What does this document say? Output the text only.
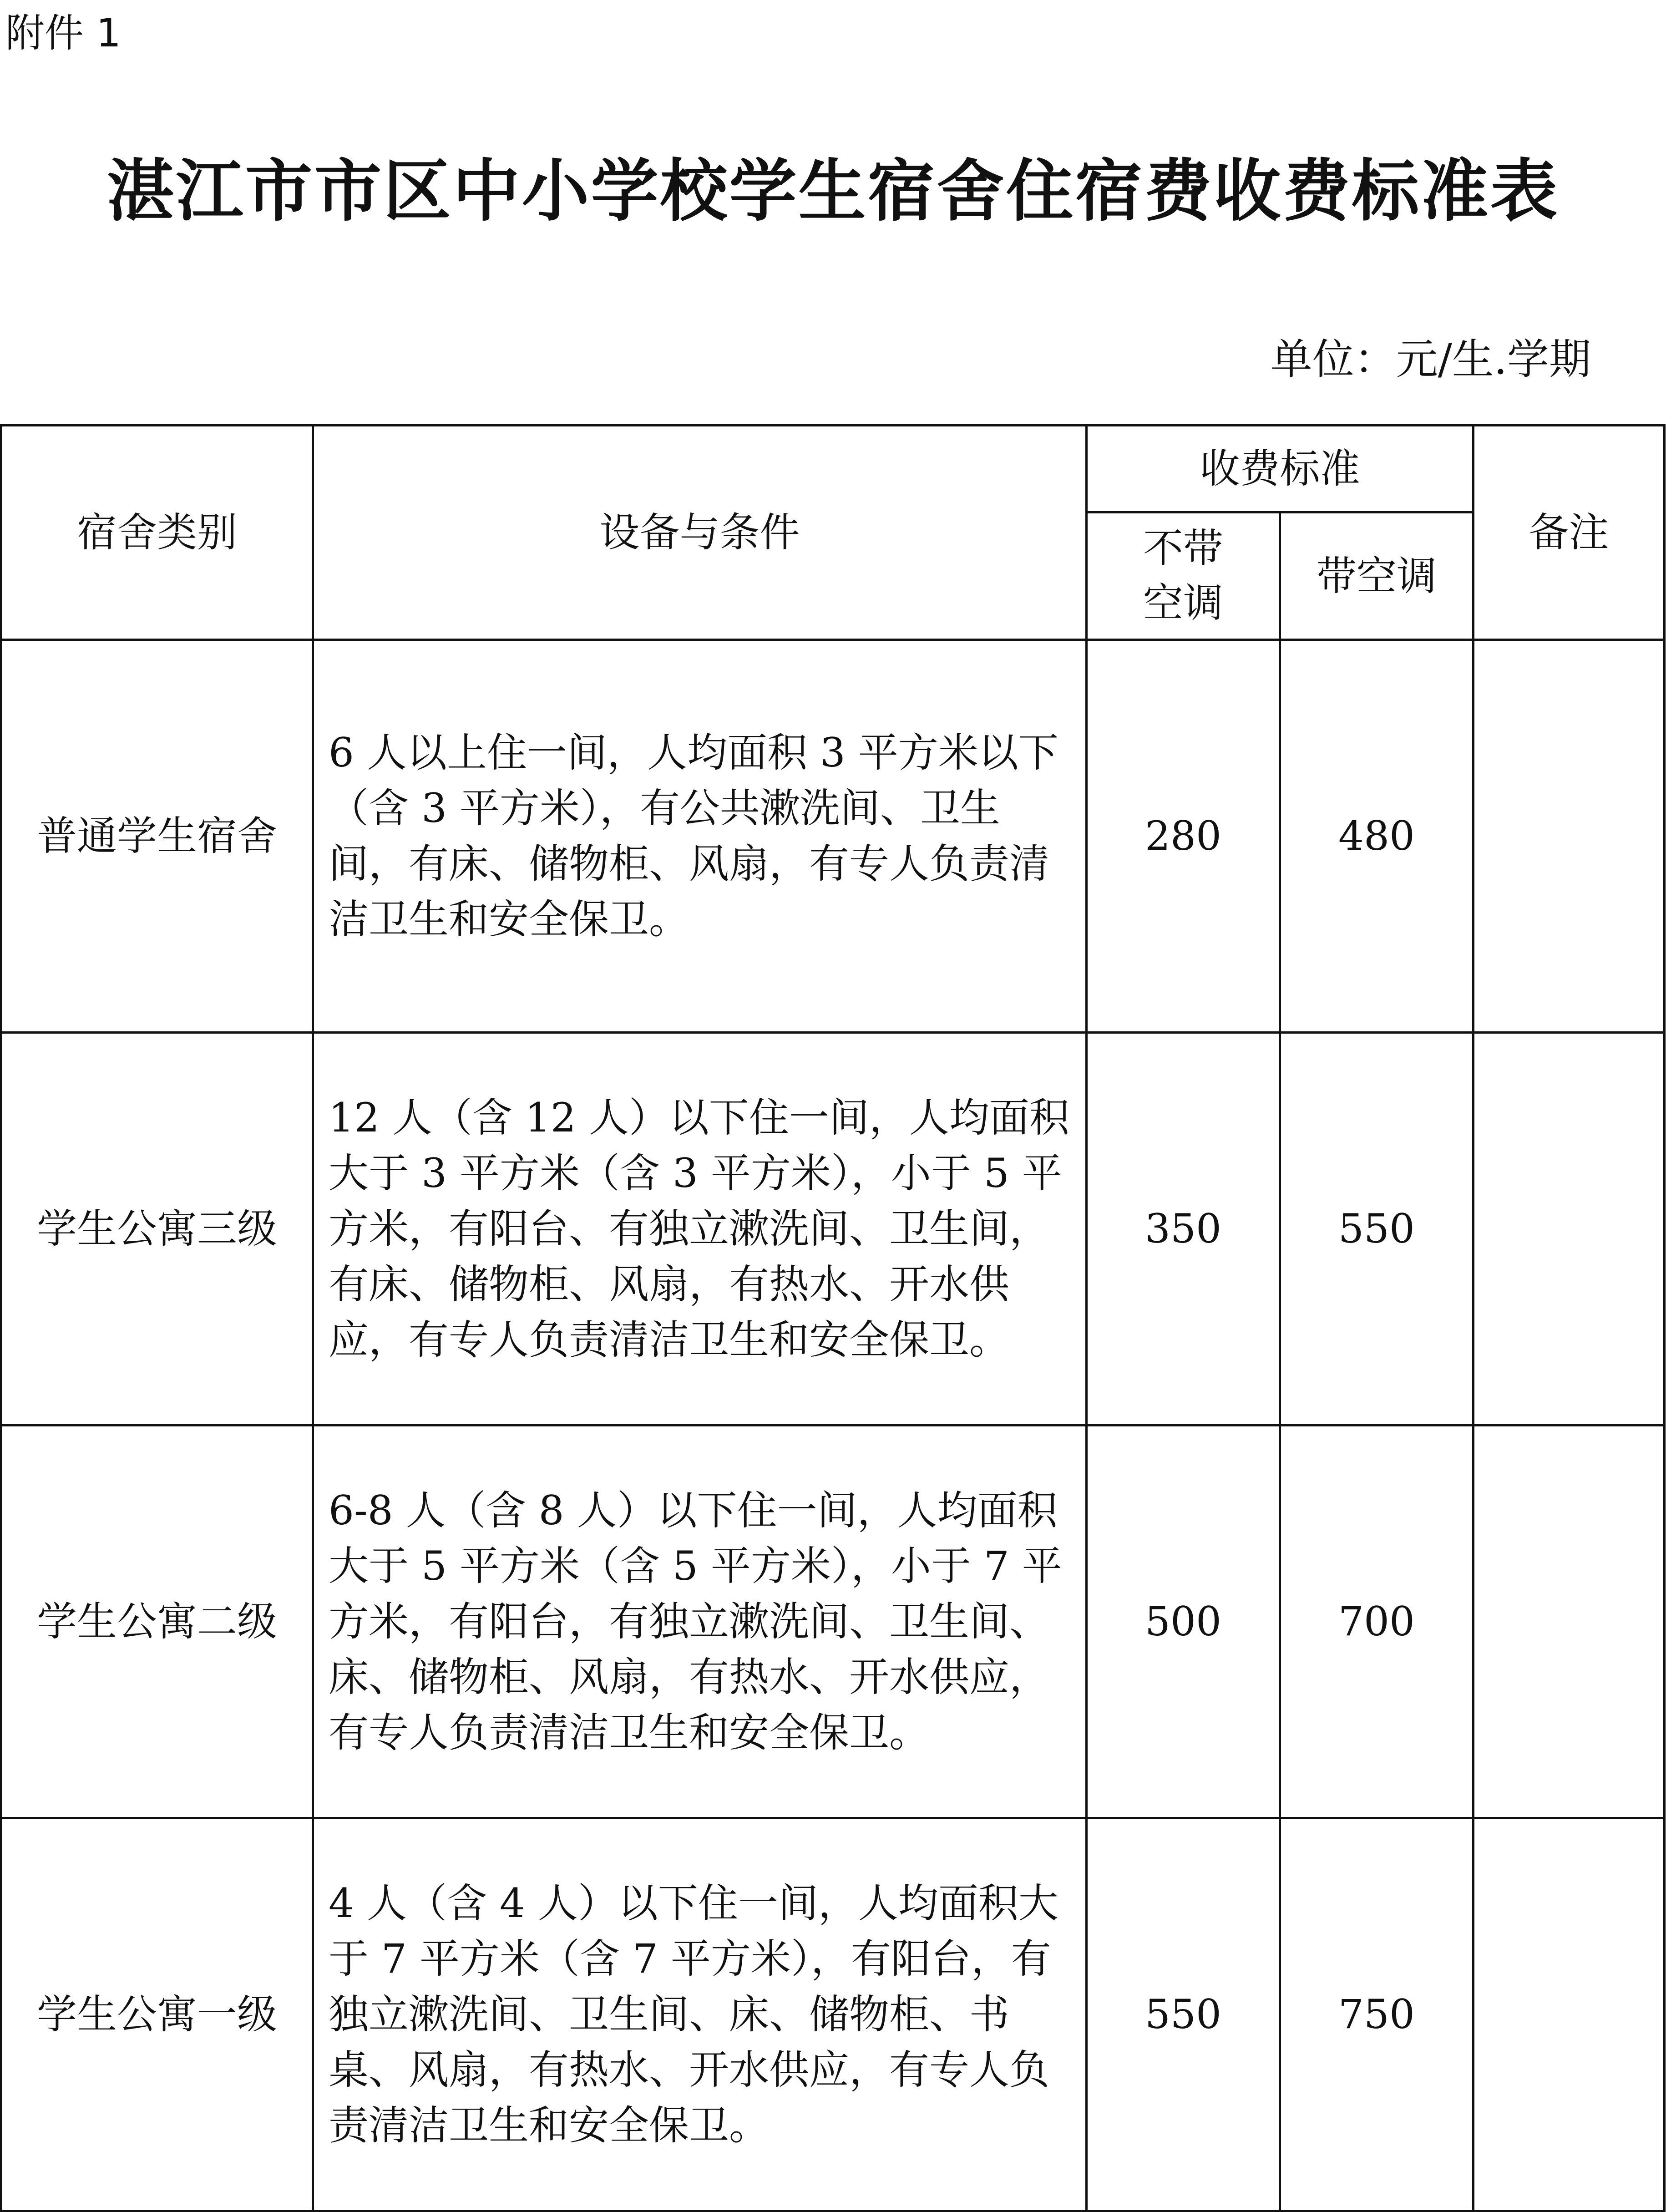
附件 1
湛江市市区中小学校学生宿舍住宿费收费标准表
单位：元/生.学期
宿舍类别	设备与条件	收费标准		备注
		不带空调	带空调	
普通学生宿舍	6 人以上住一间，人均面积 3 平方米以下（含 3 平方米），有公共漱洗间、卫生间，有床、储物柜、风扇，有专人负责清洁卫生和安全保卫。	280	480	
学生公寓三级	12 人（含 12 人）以下住一间，人均面积大于 3 平方米（含 3 平方米），小于 5 平方米，有阳台、有独立漱洗间、卫生间，有床、储物柜、风扇，有热水、开水供应，有专人负责清洁卫生和安全保卫。	350	550	
学生公寓二级	6-8 人（含 8 人）以下住一间，人均面积大于 5 平方米（含 5 平方米），小于 7 平方米，有阳台，有独立漱洗间、卫生间、床、储物柜、风扇，有热水、开水供应，有专人负责清洁卫生和安全保卫。	500	700	
学生公寓一级	4 人（含 4 人）以下住一间，人均面积大于 7 平方米（含 7 平方米），有阳台，有独立漱洗间、卫生间、床、储物柜、书桌、风扇，有热水、开水供应，有专人负责清洁卫生和安全保卫。	550	750	
